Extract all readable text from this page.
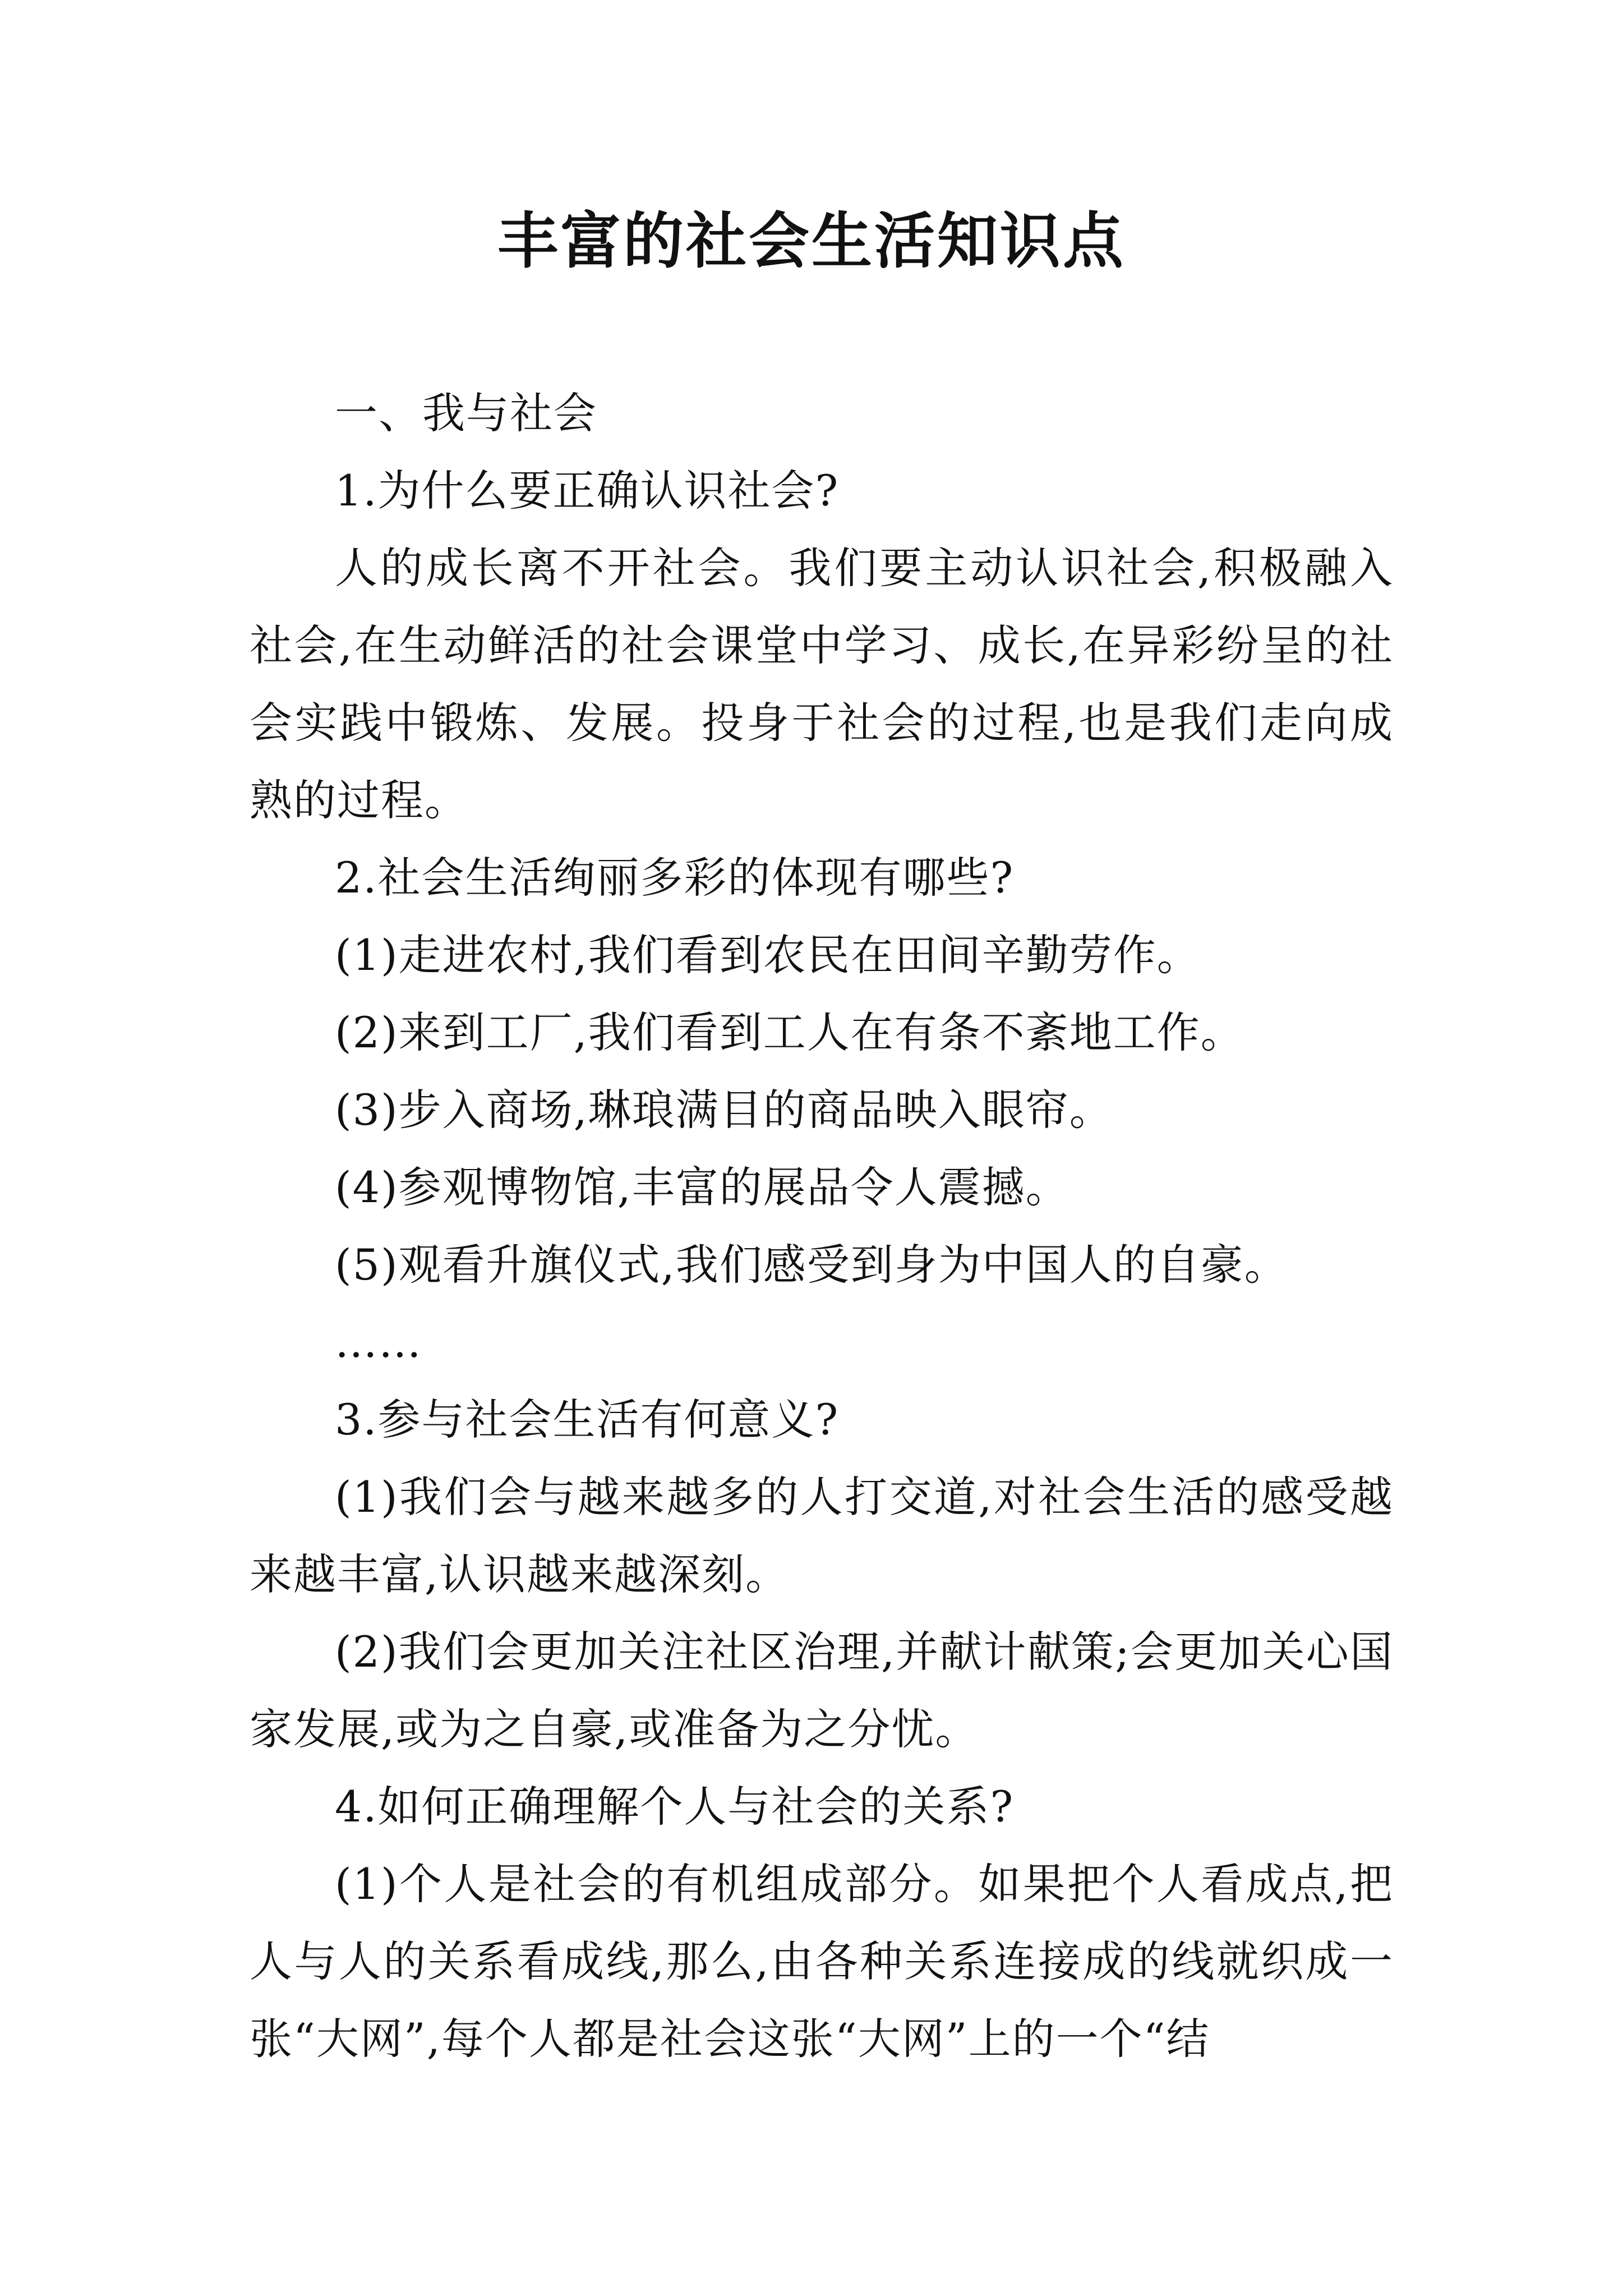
丰富的社会生活知识点

一、我与社会

1.为什么要正确认识社会?

人的成长离不开社会。我们要主动认识社会,积极融入社会,在生动鲜活的社会课堂中学习、成长,在异彩纷呈的社会实践中锻炼、发展。投身于社会的过程,也是我们走向成熟的过程。

2.社会生活绚丽多彩的体现有哪些?

(1)走进农村,我们看到农民在田间辛勤劳作。

(2)来到工厂,我们看到工人在有条不紊地工作。

(3)步入商场,琳琅满目的商品映入眼帘。

(4)参观博物馆,丰富的展品令人震撼。

(5)观看升旗仪式,我们感受到身为中国人的自豪。

……

3.参与社会生活有何意义?

(1)我们会与越来越多的人打交道,对社会生活的感受越来越丰富,认识越来越深刻。

(2)我们会更加关注社区治理,并献计献策;会更加关心国家发展,或为之自豪,或准备为之分忧。

4.如何正确理解个人与社会的关系?

(1)个人是社会的有机组成部分。如果把个人看成点,把人与人的关系看成线,那么,由各种关系连接成的线就织成一张“大网”,每个人都是社会这张“大网”上的一个“结
